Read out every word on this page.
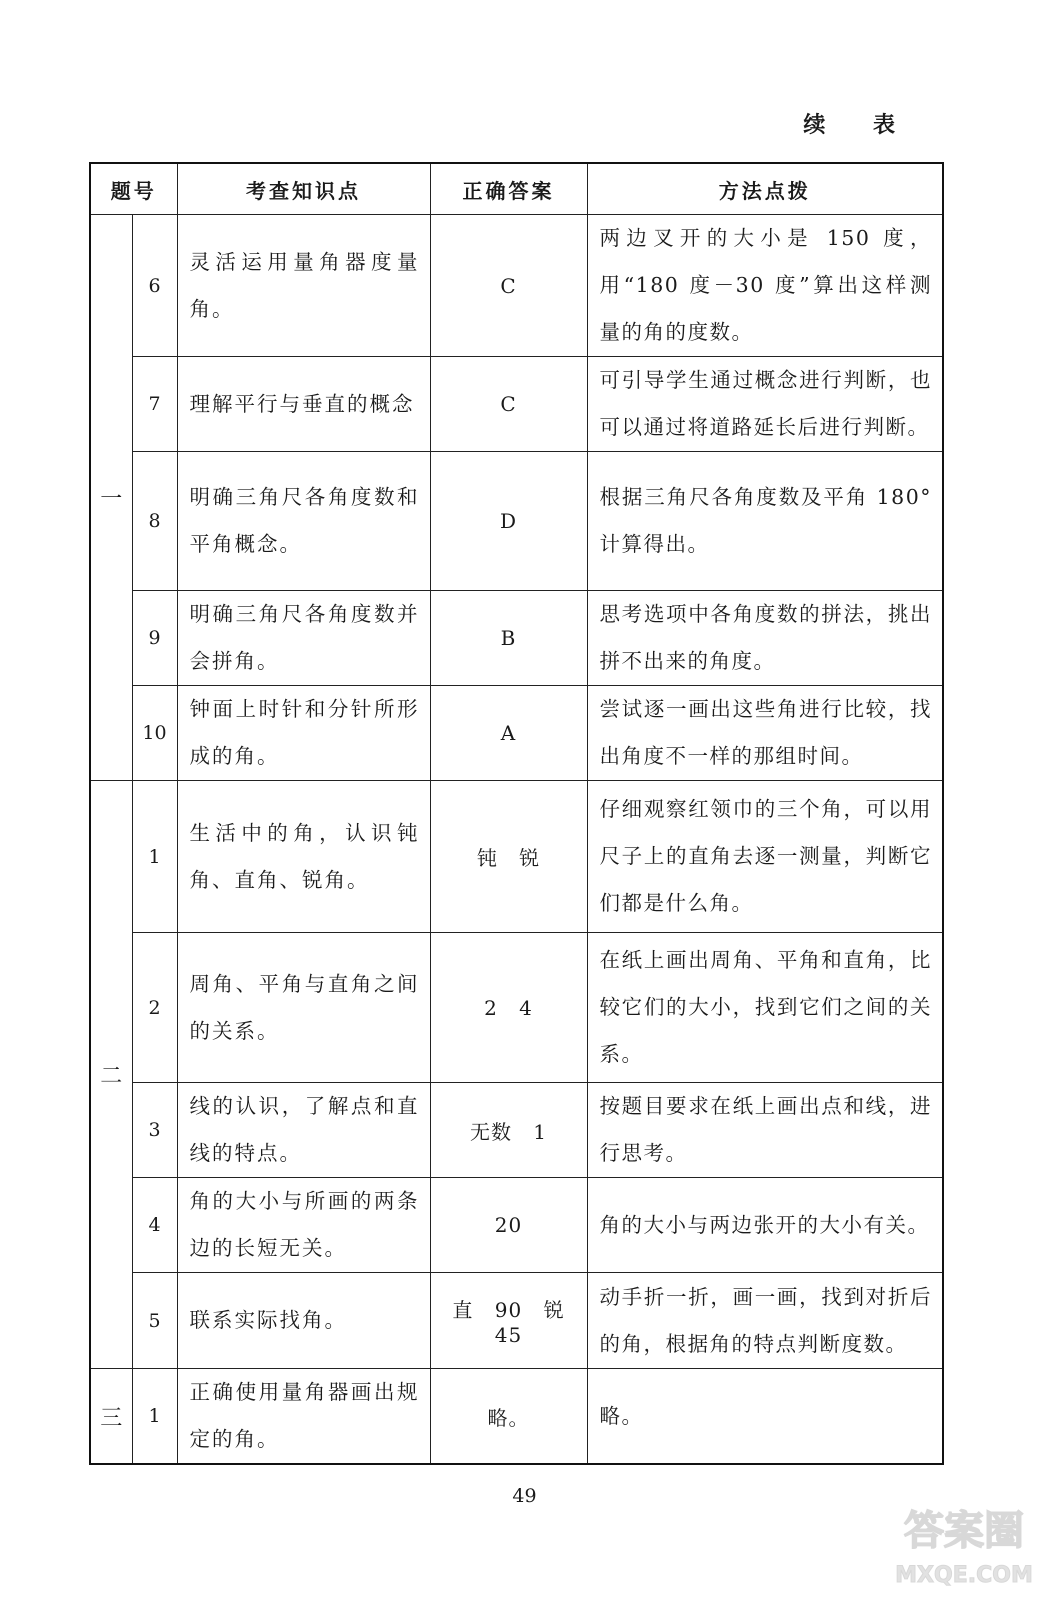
续 表
题号		考查知识点	正确答案	方法点拨
一	6	灵活运用量角器度量角。	C	两边叉开的大小是 150 度，用“180 度－30 度”算出这样测量的角的度数。
	7	理解平行与垂直的概念	C	可引导学生通过概念进行判断，也可以通过将道路延长后进行判断。
	8	明确三角尺各角度数和平角概念。	D	根据三角尺各角度数及平角 180°计算得出。
	9	明确三角尺各角度数并会拼角。	B	思考选项中各角度数的拼法，挑出拼不出来的角度。
	10	钟面上时针和分针所形成的角。	A	尝试逐一画出这些角进行比较，找出角度不一样的那组时间。
二	1	生活中的角，认识钝角、直角、锐角。	钝 锐	仔细观察红领巾的三个角，可以用尺子上的直角去逐一测量，判断它们都是什么角。
	2	周角、平角与直角之间的关系。	2 4	在纸上画出周角、平角和直角，比较它们的大小，找到它们之间的关系。
	3	线的认识，了解点和直线的特点。	无数 1	按题目要求在纸上画出点和线，进行思考。
	4	角的大小与所画的两条边的长短无关。	20	角的大小与两边张开的大小有关。
	5	联系实际找角。	直 90 锐 45	动手折一折，画一画，找到对折后的角，根据角的特点判断度数。
三	1	正确使用量角器画出规定的角。	略。	略。
49
答案圈
MXQE.COM
